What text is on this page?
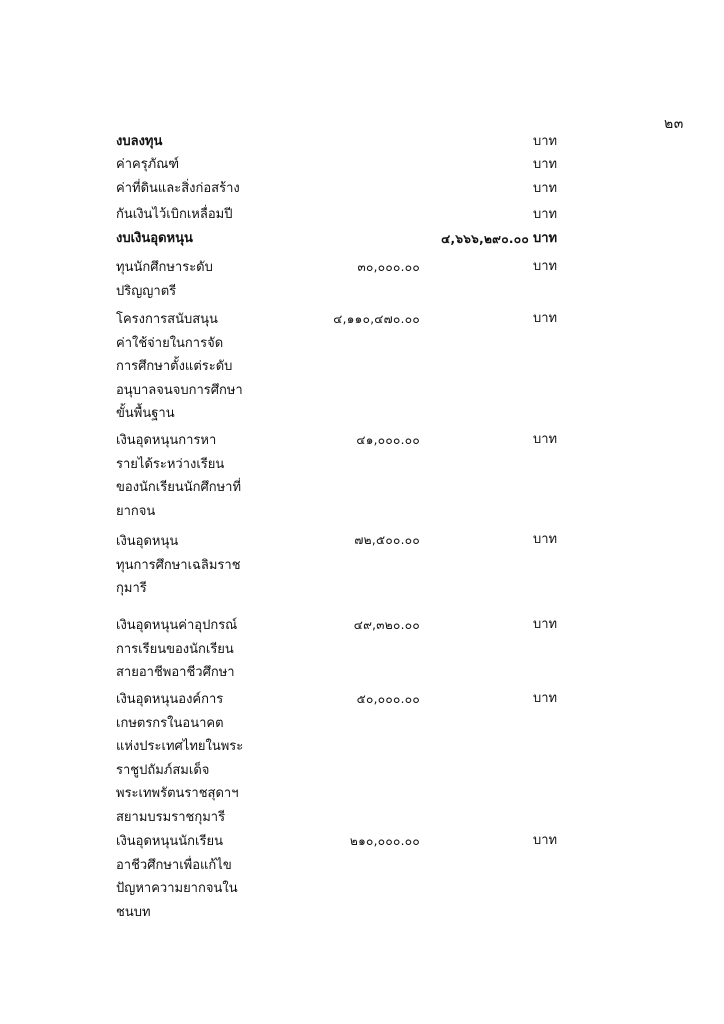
๒๓
งบลงทุน	บาท
ค่าครุภัณฑ์	บาท
ค่าที่ดินและสิ่งก่อสร้าง	บาท
กันเงินไว้เบิกเหลื่อมปี	บาท
งบเงินอุดหนุน	๔,๖๖๖,๒๙๐.๐๐ บาท
ทุนนักศึกษาระดับ
ปริญญาตรี
๓๐,๐๐๐.๐๐	บาท
โครงการสนับสนุน
ค่าใช้จ่ายในการจัด
การศึกษาตั้งแต่ระดับ
อนุบาลจนจบการศึกษา
ขั้นพื้นฐาน
๔,๑๑๐,๔๗๐.๐๐	บาท
เงินอุดหนุนการหา
รายได้ระหว่างเรียน
ของนักเรียนนักศึกษาที่
ยากจน
๔๑,๐๐๐.๐๐	บาท
เงินอุดหนุน
ทุนการศึกษาเฉลิมราช
กุมารี
๗๒,๕๐๐.๐๐	บาท
เงินอุดหนุนค่าอุปกรณ์
การเรียนของนักเรียน
สายอาชีพอาชีวศึกษา
๔๙,๓๒๐.๐๐	บาท
เงินอุดหนุนองค์การ
เกษตรกรในอนาคต
แห่งประเทศไทยในพระ
ราชูปถัมภ์สมเด็จ
พระเทพรัตนราชสุดาฯ
สยามบรมราชกุมารี
๕๐,๐๐๐.๐๐	บาท
เงินอุดหนุนนักเรียน
อาชีวศึกษาเพื่อแก้ไข
ปัญหาความยากจนใน
ชนบท
๒๑๐,๐๐๐.๐๐	บาท
